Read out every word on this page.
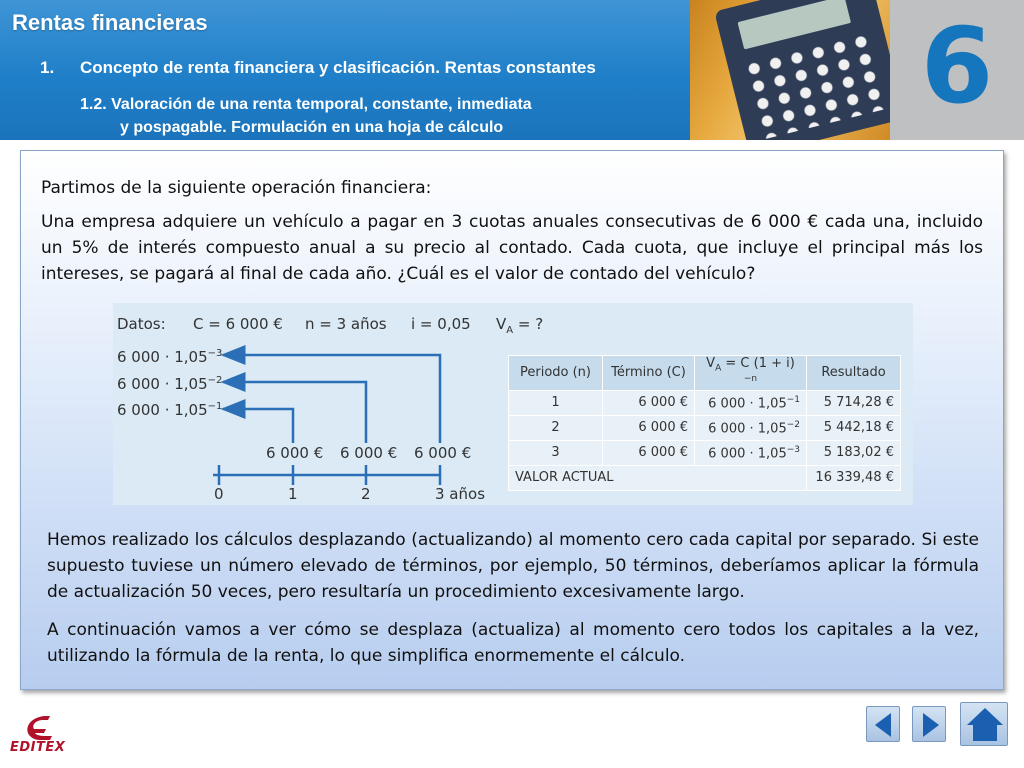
Rentas financieras
1. Concepto de renta financiera y clasificación. Rentas constantes
1.2. Valoración de una renta temporal, constante, inmediata
y pospagable. Formulación en una hoja de cálculo
6

Partimos de la siguiente operación financiera:

Una empresa adquiere un vehículo a pagar en 3 cuotas anuales consecutivas de 6 000 € cada una, incluido un 5% de interés compuesto anual a su precio al contado. Cada cuota, que incluye el principal más los intereses, se pagará al final de cada año. ¿Cuál es el valor de contado del vehículo?

Datos: C = 6 000 € n = 3 años i = 0,05 $V_A$ = ?
6 $000 \cdot 1,05^{-3}$
6 $000 \cdot 1,05^{-2}$
6 $000 \cdot 1,05^{-1}$
6 000 € 6 000 € 6 000 €
0	1	2	3 años
Periodo (n)	Término (C)	$V_A = C$ $(1 + i)^{-n}$	Resultado
1	6 000 €	6 $000 \cdot 1,05^{-1}$	5 714,28 €
2	6 000 €	6 $000 \cdot 1,05^{-2}$	5 442,18 €
3	6 000 €	6 $000 \cdot 1,05^{-3}$	5 183,02 €
VALOR ACTUAL			16 339,48 €

Hemos realizado los cálculos desplazando (actualizando) al momento cero cada capital por separado. Si este supuesto tuviese un número elevado de términos, por ejemplo, 50 términos, deberíamos aplicar la fórmula de actualización 50 veces, pero resultaría un procedimiento excesivamente largo.

A continuación vamos a ver cómo se desplaza (actualiza) al momento cero todos los capitales a la vez, utilizando la fórmula de la renta, lo que simplifica enormemente el cálculo.

EDITEX
